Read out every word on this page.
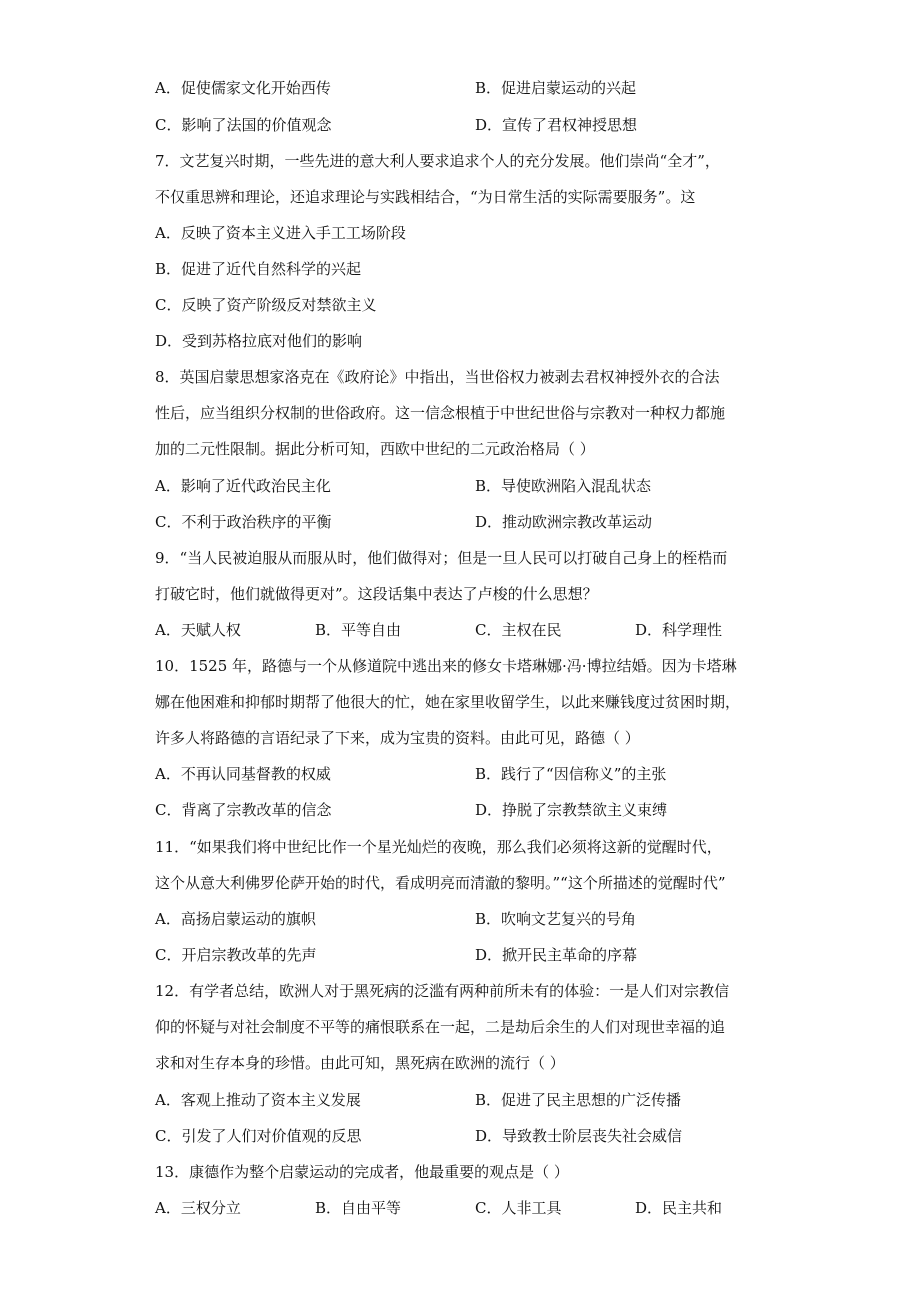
A．促使儒家文化开始西传	B．促进启蒙运动的兴起
C．影响了法国的价值观念	D．宣传了君权神授思想
7．文艺复兴时期，一些先进的意大利人要求追求个人的充分发展。他们崇尚“全才”，
不仅重思辨和理论，还追求理论与实践相结合，“为日常生活的实际需要服务”。这
A．反映了资本主义进入手工工场阶段
B．促进了近代自然科学的兴起
C．反映了资产阶级反对禁欲主义
D．受到苏格拉底对他们的影响
8．英国启蒙思想家洛克在《政府论》中指出，当世俗权力被剥去君权神授外衣的合法
性后，应当组织分权制的世俗政府。这一信念根植于中世纪世俗与宗教对一种权力都施
加的二元性限制。据此分析可知，西欧中世纪的二元政治格局（ ）
A．影响了近代政治民主化	B．导使欧洲陷入混乱状态
C．不利于政治秩序的平衡	D．推动欧洲宗教改革运动
9．“当人民被迫服从而服从时，他们做得对；但是一旦人民可以打破自己身上的桎梏而
打破它时，他们就做得更对”。这段话集中表达了卢梭的什么思想？
A．天赋人权	B．平等自由	C．主权在民	D．科学理性
10．1525 年，路德与一个从修道院中逃出来的修女卡塔琳娜·冯·博拉结婚。因为卡塔琳
娜在他困难和抑郁时期帮了他很大的忙，她在家里收留学生，以此来赚钱度过贫困时期，
许多人将路德的言语纪录了下来，成为宝贵的资料。由此可见，路德（ ）
A．不再认同基督教的权威	B．践行了“因信称义”的主张
C．背离了宗教改革的信念	D．挣脱了宗教禁欲主义束缚
11．“如果我们将中世纪比作一个星光灿烂的夜晚，那么我们必须将这新的觉醒时代，
这个从意大利佛罗伦萨开始的时代，看成明亮而清澈的黎明。”“这个所描述的觉醒时代”
A．高扬启蒙运动的旗帜	B．吹响文艺复兴的号角
C．开启宗教改革的先声	D．掀开民主革命的序幕
12．有学者总结，欧洲人对于黑死病的泛滥有两种前所未有的体验：一是人们对宗教信
仰的怀疑与对社会制度不平等的痛恨联系在一起，二是劫后余生的人们对现世幸福的追
求和对生存本身的珍惜。由此可知，黑死病在欧洲的流行（ ）
A．客观上推动了资本主义发展	B．促进了民主思想的广泛传播
C．引发了人们对价值观的反思	D．导致教士阶层丧失社会威信
13．康德作为整个启蒙运动的完成者，他最重要的观点是（ ）
A．三权分立	B．自由平等	C．人非工具	D．民主共和
